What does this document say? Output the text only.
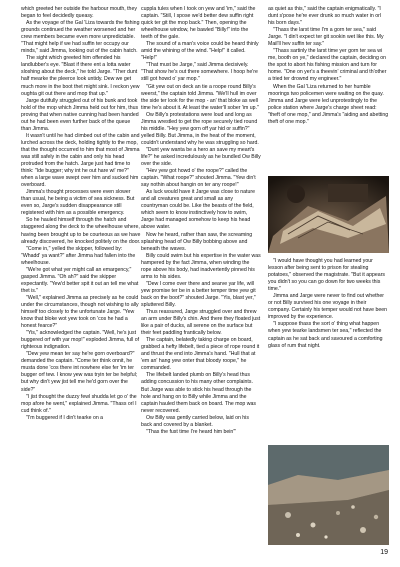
which greeted her outside the harbour mouth, they began to feel decidedly queasy.

As the voyage of the Gal 'Liza towards the fishing grounds continued the weather worsened and her crew members became even more unpredictable. "That might help if we had suffin ter occupy our minds," said Jimma, looking out of the cabin hatch.

The sight which greeted him offended his landlubber's eye. "Blast if there ent a lotta water sloshing about the deck," he told Jarge. "Ther dunt half mearke the pleerce look untidy. Dew we get much more in the boot thet might sink. I reckon yew oughta git out there and mop that up."

Jarge dutifully struggled out of his bunk and took hold of the mop which Jimma held out for him, thus proving that when native cunning had been handed out he had been even further back of the queue than Jimma.

It wasn't until he had climbed out of the cabin and lurched across the deck, holding tightly to the mop, that the thought occurred to him that most of Jimma was still safely in the cabin and only his head protruded from the hatch. Jarge just had time to think: "Ide bugger; why int he out hare wi' me?" when a large wave swept over him and sucked him overboard.

Jimma's thought processes were even slower than usual, he being a victim of sea sickness. But even so, Jarge's sudden disappearance still registered with him as a possible emergency.

So he hauled himself through the hatch and staggered along the deck to the wheelhouse where, having been brought up to be courteous as we have already discovered, he knocked politely on the door.

"Come in," yelled the skipper, followed by: "Whadd' ya want?" after Jimma had fallen into the wheelhouse.

"We're got what yer might call an emargency," gasped Jimma. "Oh ah?" said the skipper expectantly. "Yew'd better spit it out an tell me what thet is."

"Well," explained Jimma as precisely as he could under the circumstances, though not wishing to ally himself too closely to the unfortunate Jarge. "Yew know that bloke wot yew took on 'cos he had a honest fearce?"

"Yis," acknowledged the captain. "Well, he's just buggered orf with yar mop!" exploded Jimma, full of righteous indignation.

"Dew yew mean ter say he're gorn overboard?" demanded the captain. "Come ter think onnit, he musta done 'cos there int nowhere else fer 'im ter bugger orf tew. I know yew was tryin ter be helpful; but why din't yew jist tell me he'd gorn over the side?"

"I jist thought the duzzy fewl shudda let go o' the mop afore he went," explained Jimma. "Thass orl I cud think of."

"I'm buggered if I din't tearke on a

cuppla tules when I took on yew and 'im," said the captain. "Still, I spose we'd better dew suffin right quick ter git the mop back." Then, opening the wheelhouse window, he bawled "Billy!" into the teeth of the gale.

The sound of a man's voice could be heard thinly amid the whining of the wind. "Help!" it called. "Help!"

"That must be Jarge," said Jimma decisively. "That show he's out there somewhere. I hoop he're still got howd o' yar mop."

"Git yew out on deck an tie a roope round Billy's weerst," the captain told Jimma. "We'll hull im over the side ter look for the mop - an' that bloke as well time he's about it. At least the water'll sober 'im up."

Ow Billy's protestations were loud and long as Jimma wrestled to get the rope securely tied round his middle. "Hey yew gorn off yar hid or suffin?" yelled Billy. But Jimma, in the heat of the moment, couldn't understand why he was struggling so hard.

"Dunt yew wanta be a hero an save my meart's life?" he asked incredulously as he bundled Ow Billy over the side.

"Hev yew got howd o' the roope?" called the captain. "What roope?" shouted Jimma. "Yew din't say nothin about hangin on ter any roope!"

As luck would have it Jarge was close to nature and all creatures great and small as any countryman could be. Like the beasts of the field, which seem to know instinctively how to swim, Jarge had managed somehow to keep his head above water.

Now he heard, rather than saw, the screaming splashing head of Ow Billy bobbing above and beneath the waves.

Billy could swim but his expertise in the water was hampered by the fact Jimma, when winding the rope above his body, had inadvertently pinned his arms to his sides.

"Dew I come over there and searve yar life, will yew promise ter be in a better temper time yew git back on the boot?" shouted Jarge. "Yis, blast yer," spluttered Billy.

Thus reassured, Jarge struggled over and threw an arm under Billy's chin. And there they floated just like a pair of ducks, all serene on the surface but their feet paddling frantically below.

The captain, belatedly taking charge on board, grabbed a hefty lifebelt, tied a piece of rope round it and thrust the end into Jimma's hand. "Hull that at 'em an' hang yew onter that bloody roope," he commanded.

The lifebelt landed plumb on Billy's head thus adding concussion to his many other complaints. But Jarge was able to stick his head through the hole and hang on to Billy while Jimma and the captain hauled them back on board. The mop was never recovered.

Ow Billy was gently carried below, laid on his back and covered by a blanket.

"Thas the fust time I're heard him bein'"

as quiet as this," said the captain enigmatically. "I dunt s'pose he're ever drunk so much water in orl his born days."

"Thass the larst time I'm a gorn ter sea," said Jarge. "I din't expect ter git sookin wet like this. My Mail'll hev suffin ter say."

"Thass sartinly the larst time yer gorn ter sea wi me, booth on ye," declared the captain, deciding on the spot to abort his fishing mission and turn for home. "One on yer's a theevin' criminal and th'other a tried ter drownd my engineer."

When the Gal 'Liza returned to her humble moorings two policemen were waiting on the quay. Jimma and Jarge were led unprotestingly to the police station where Jarge's charge sheet read: "theft of one mop," and Jimma's "aiding and abetting theft of one mop."

"I would have thought you had learned your lesson after being sent to prison for stealing potatoes," observed the magistrate. "But it appears you didn't so you can go down for two weeks this time."

Jimma and Jarge were never to find out whether or not Billy survived his one voyage in their company. Certainly his temper would not have been improved by the experience.

"I suppose thass the sort o' thing what happen when yew tearke landsmen ter sea," reflected the captain as he sat back and savoured a comforting glass of rum that night.

19
